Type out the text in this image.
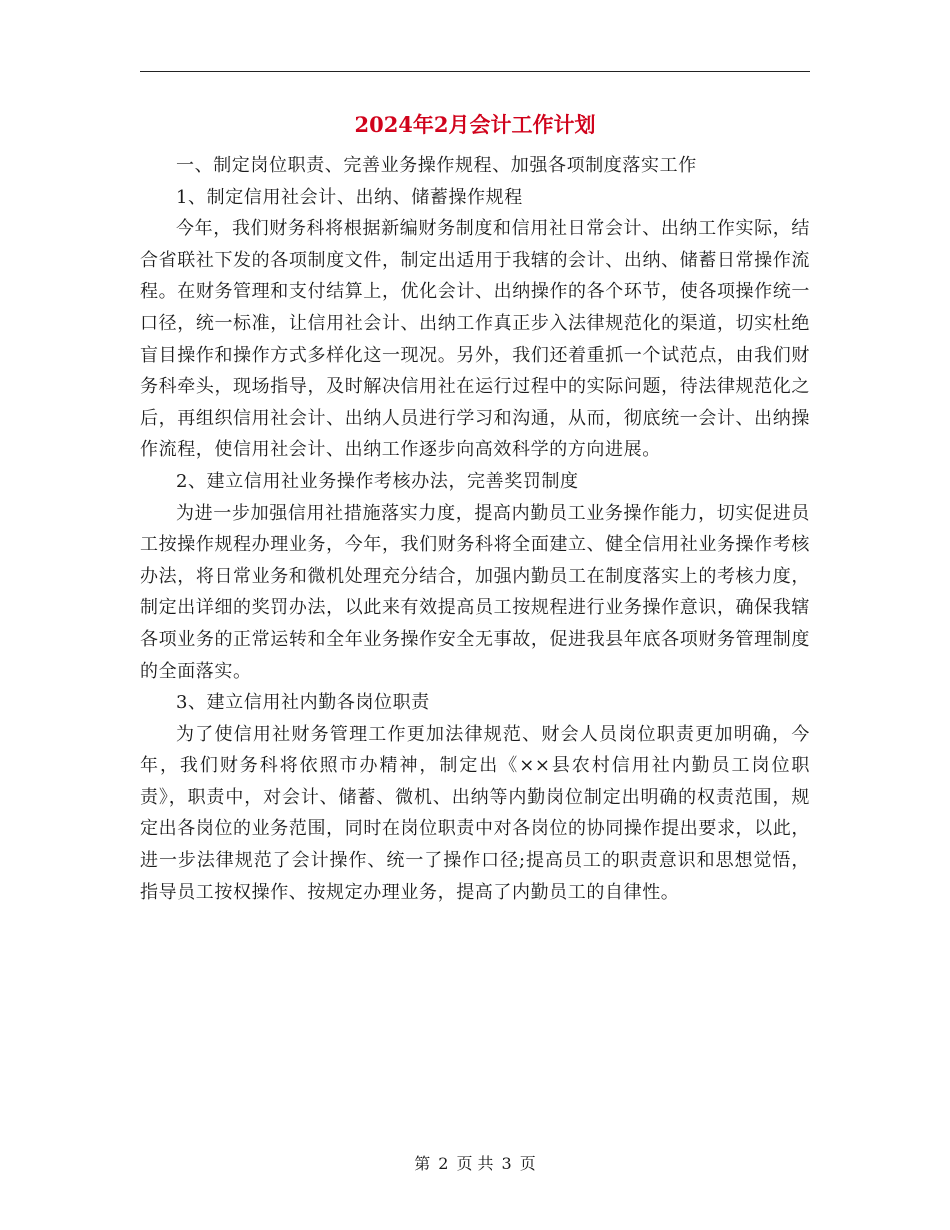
2024年2月会计工作计划

一、制定岗位职责、完善业务操作规程、加强各项制度落实工作

1、制定信用社会计、出纳、储蓄操作规程

今年，我们财务科将根据新编财务制度和信用社日常会计、出纳工作实际，结合省联社下发的各项制度文件，制定出适用于我辖的会计、出纳、储蓄日常操作流程。在财务管理和支付结算上，优化会计、出纳操作的各个环节，使各项操作统一口径，统一标准，让信用社会计、出纳工作真正步入法律规范化的渠道，切实杜绝盲目操作和操作方式多样化这一现况。另外，我们还着重抓一个试范点，由我们财务科牵头，现场指导，及时解决信用社在运行过程中的实际问题，待法律规范化之后，再组织信用社会计、出纳人员进行学习和沟通，从而，彻底统一会计、出纳操作流程，使信用社会计、出纳工作逐步向高效科学的方向进展。

2、建立信用社业务操作考核办法，完善奖罚制度

为进一步加强信用社措施落实力度，提高内勤员工业务操作能力，切实促进员工按操作规程办理业务，今年，我们财务科将全面建立、健全信用社业务操作考核办法，将日常业务和微机处理充分结合，加强内勤员工在制度落实上的考核力度，制定出详细的奖罚办法，以此来有效提高员工按规程进行业务操作意识，确保我辖各项业务的正常运转和全年业务操作安全无事故，促进我县年底各项财务管理制度的全面落实。

3、建立信用社内勤各岗位职责

为了使信用社财务管理工作更加法律规范、财会人员岗位职责更加明确，今年，我们财务科将依照市办精神，制定出《××县农村信用社内勤员工岗位职责》，职责中，对会计、储蓄、微机、出纳等内勤岗位制定出明确的权责范围，规定出各岗位的业务范围，同时在岗位职责中对各岗位的协同操作提出要求，以此，进一步法律规范了会计操作、统一了操作口径;提高员工的职责意识和思想觉悟，指导员工按权操作、按规定办理业务，提高了内勤员工的自律性。

第 2 页 共 3 页
